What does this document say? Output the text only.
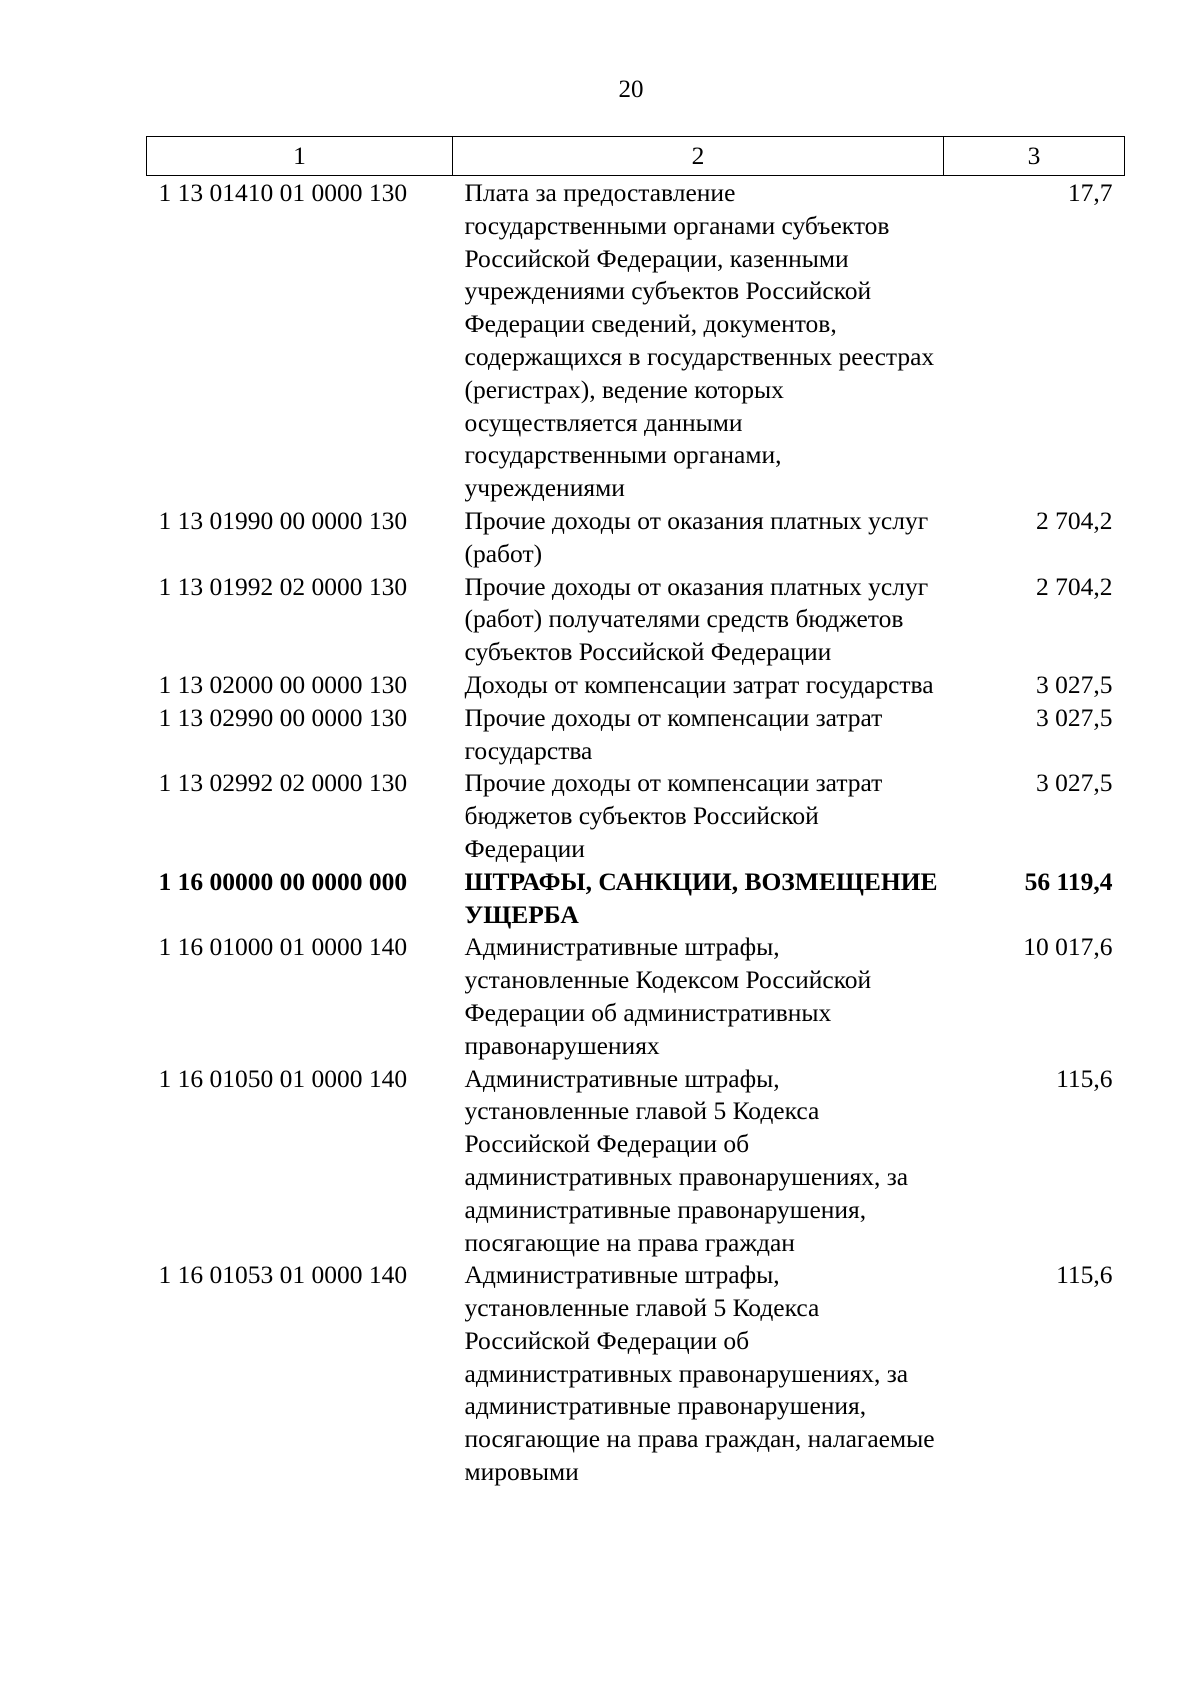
20
1	2	3
1 13 01410 01 0000 130	Плата за предоставление государственными органами субъектов Российской Федерации, казенными учреждениями субъектов Российской Федерации сведений, документов, содержащихся в государственных реестрах (регистрах), ведение которых осуществляется данными государственными органами, учреждениями	17,7
1 13 01990 00 0000 130	Прочие доходы от оказания платных услуг (работ)	2 704,2
1 13 01992 02 0000 130	Прочие доходы от оказания платных услуг (работ) получателями средств бюджетов субъектов Российской Федерации	2 704,2
1 13 02000 00 0000 130	Доходы от компенсации затрат государства	3 027,5
1 13 02990 00 0000 130	Прочие доходы от компенсации затрат государства	3 027,5
1 13 02992 02 0000 130	Прочие доходы от компенсации затрат бюджетов субъектов Российской Федерации	3 027,5
1 16 00000 00 0000 000	ШТРАФЫ, САНКЦИИ, ВОЗМЕЩЕНИЕ УЩЕРБА	56 119,4
1 16 01000 01 0000 140	Административные штрафы, установленные Кодексом Российской Федерации об административных правонарушениях	10 017,6
1 16 01050 01 0000 140	Административные штрафы, установленные главой 5 Кодекса Российской Федерации об административных правонарушениях, за административные правонарушения, посягающие на права граждан	115,6
1 16 01053 01 0000 140	Административные штрафы, установленные главой 5 Кодекса Российской Федерации об административных правонарушениях, за административные правонарушения, посягающие на права граждан, налагаемые мировыми	115,6
